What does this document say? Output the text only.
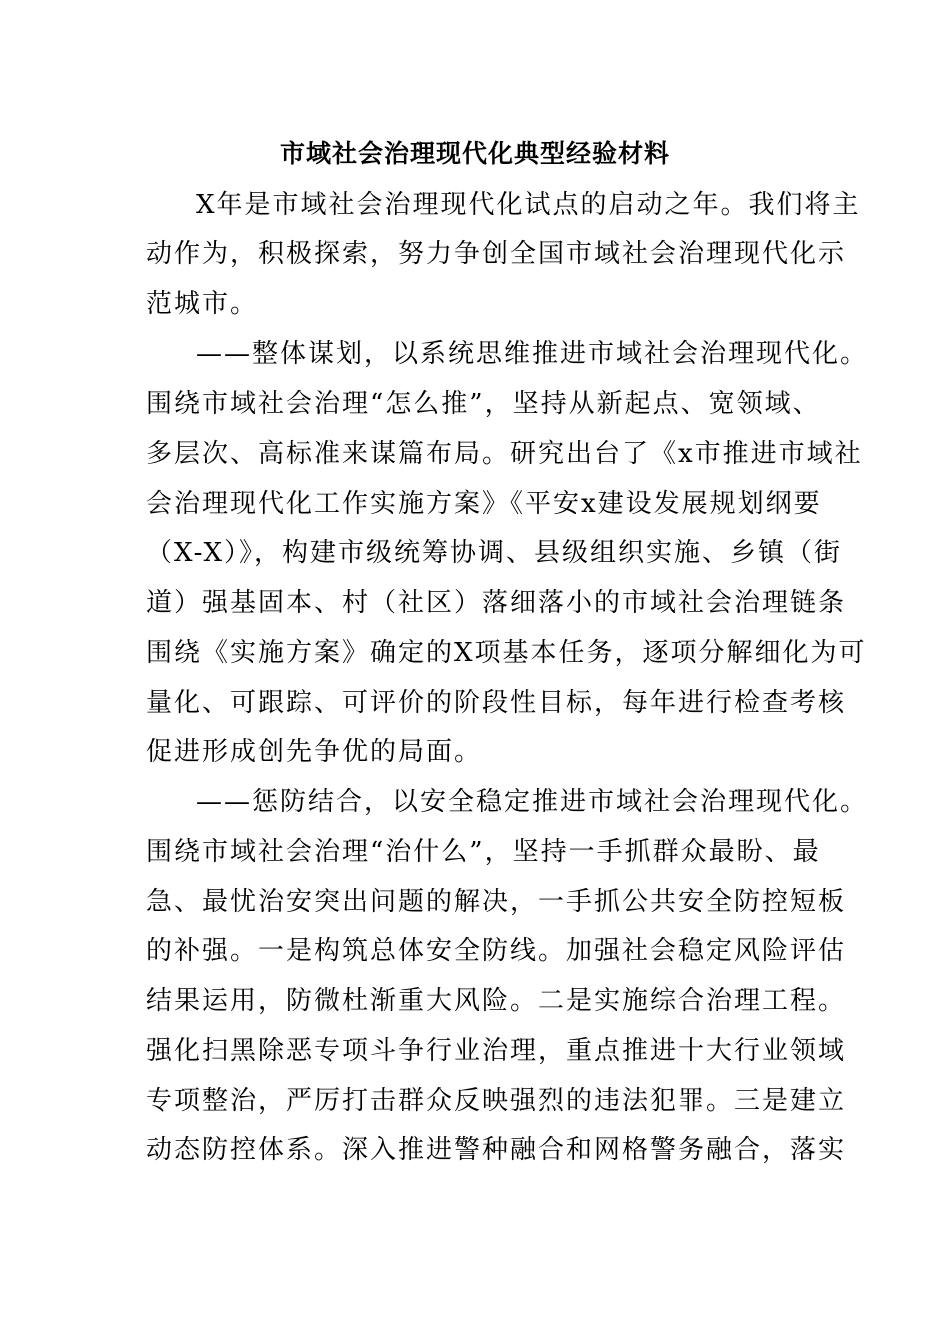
市域社会治理现代化典型经验材料

X年是市域社会治理现代化试点的启动之年。我们将主

动作为，积极探索，努力争创全国市域社会治理现代化示

范城市。

——整体谋划，以系统思维推进市域社会治理现代化。

围绕市域社会治理“怎么推”，坚持从新起点、宽领域、

多层次、高标准来谋篇布局。研究出台了《x市推进市域社

会治理现代化工作实施方案》《平安x建设发展规划纲要

（X-X）》，构建市级统筹协调、县级组织实施、乡镇（街

道）强基固本、村（社区）落细落小的市域社会治理链条

围绕《实施方案》确定的X项基本任务，逐项分解细化为可

量化、可跟踪、可评价的阶段性目标，每年进行检查考核

促进形成创先争优的局面。

——惩防结合，以安全稳定推进市域社会治理现代化。

围绕市域社会治理“治什么”，坚持一手抓群众最盼、最

急、最忧治安突出问题的解决，一手抓公共安全防控短板

的补强。一是构筑总体安全防线。加强社会稳定风险评估

结果运用，防微杜渐重大风险。二是实施综合治理工程。

强化扫黑除恶专项斗争行业治理，重点推进十大行业领域

专项整治，严厉打击群众反映强烈的违法犯罪。三是建立

动态防控体系。深入推进警种融合和网格警务融合，落实
